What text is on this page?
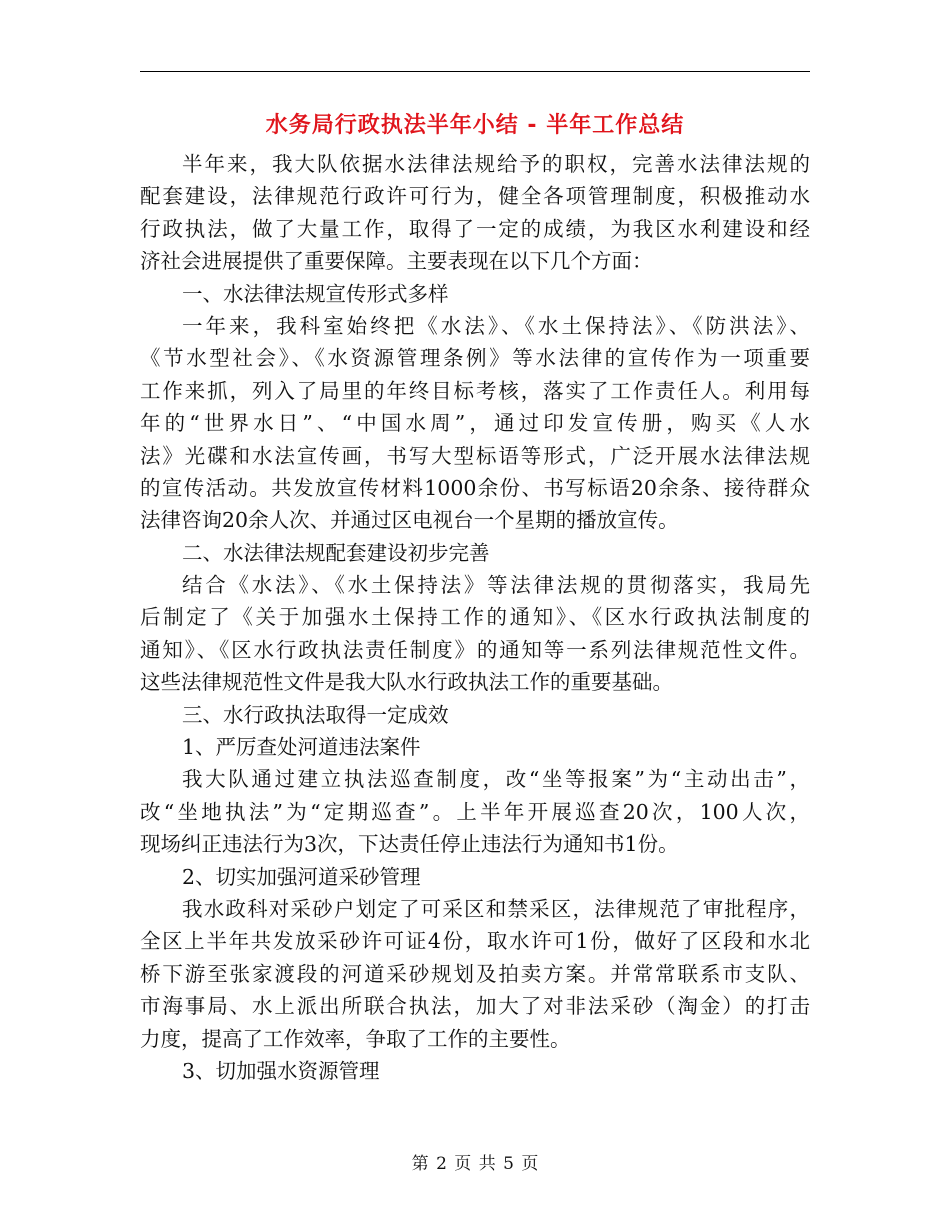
水务局行政执法半年小结 - 半年工作总结
半年来，我大队依据水法律法规给予的职权，完善水法律法规的
配套建设，法律规范行政许可行为，健全各项管理制度，积极推动水
行政执法，做了大量工作，取得了一定的成绩，为我区水利建设和经
济社会进展提供了重要保障。主要表现在以下几个方面：
一、水法律法规宣传形式多样
一年来，我科室始终把《水法》、《水土保持法》、《防洪法》、
《节水型社会》、《水资源管理条例》等水法律的宣传作为一项重要
工作来抓，列入了局里的年终目标考核，落实了工作责任人。利用每
年的“世界水日”、“中国水周”，通过印发宣传册，购买《人水
法》光碟和水法宣传画，书写大型标语等形式，广泛开展水法律法规
的宣传活动。共发放宣传材料1000余份、书写标语20余条、接待群众
法律咨询20余人次、并通过区电视台一个星期的播放宣传。
二、水法律法规配套建设初步完善
结合《水法》、《水土保持法》等法律法规的贯彻落实，我局先
后制定了《关于加强水土保持工作的通知》、《区水行政执法制度的
通知》、《区水行政执法责任制度》的通知等一系列法律规范性文件。
这些法律规范性文件是我大队水行政执法工作的重要基础。
三、水行政执法取得一定成效
1、严厉查处河道违法案件
我大队通过建立执法巡查制度，改“坐等报案”为“主动出击”，
改“坐地执法”为“定期巡查”。上半年开展巡查20次，100人次，
现场纠正违法行为3次，下达责任停止违法行为通知书1份。
2、切实加强河道采砂管理
我水政科对采砂户划定了可采区和禁采区，法律规范了审批程序，
全区上半年共发放采砂许可证4份，取水许可1份，做好了区段和水北
桥下游至张家渡段的河道采砂规划及拍卖方案。并常常联系市支队、
市海事局、水上派出所联合执法，加大了对非法采砂（淘金）的打击
力度，提高了工作效率，争取了工作的主要性。
3、切加强水资源管理
第 2 页 共 5 页
